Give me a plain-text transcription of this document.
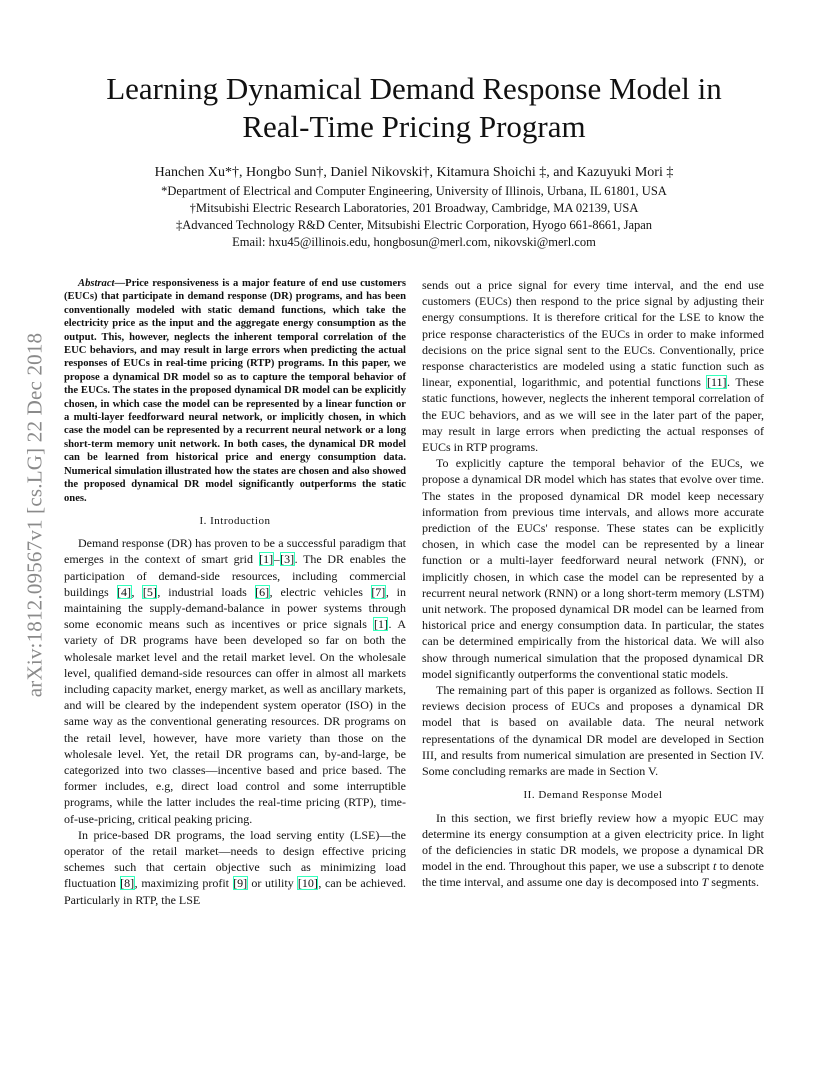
arXiv:1812.09567v1 [cs.LG] 22 Dec 2018
Learning Dynamical Demand Response Model in
Real-Time Pricing Program
Hanchen Xu*†, Hongbo Sun†, Daniel Nikovski†, Kitamura Shoichi ‡, and Kazuyuki Mori ‡
*Department of Electrical and Computer Engineering, University of Illinois, Urbana, IL 61801, USA
†Mitsubishi Electric Research Laboratories, 201 Broadway, Cambridge, MA 02139, USA
‡Advanced Technology R&D Center, Mitsubishi Electric Corporation, Hyogo 661-8661, Japan
Email: hxu45@illinois.edu, hongbosun@merl.com, nikovski@merl.com

Abstract—Price responsiveness is a major feature of end use customers (EUCs) that participate in demand response (DR) programs, and has been conventionally modeled with static demand functions, which take the electricity price as the input and the aggregate energy consumption as the output. This, however, neglects the inherent temporal correlation of the EUC behaviors, and may result in large errors when predicting the actual responses of EUCs in real-time pricing (RTP) programs. In this paper, we propose a dynamical DR model so as to capture the temporal behavior of the EUCs. The states in the proposed dynamical DR model can be explicitly chosen, in which case the model can be represented by a linear function or a multi-layer feedforward neural network, or implicitly chosen, in which case the model can be represented by a recurrent neural network or a long short-term memory unit network. In both cases, the dynamical DR model can be learned from historical price and energy consumption data. Numerical simulation illustrated how the states are chosen and also showed the proposed dynamical DR model significantly outperforms the static ones.

I. Introduction

Demand response (DR) has proven to be a successful paradigm that emerges in the context of smart grid [1]–[3]. The DR enables the participation of demand-side resources, including commercial buildings [4], [5], industrial loads [6], electric vehicles [7], in maintaining the supply-demand-balance in power systems through some economic means such as incentives or price signals [1]. A variety of DR programs have been developed so far on both the wholesale market level and the retail market level. On the wholesale level, qualified demand-side resources can offer in almost all markets including capacity market, energy market, as well as ancillary markets, and will be cleared by the independent system operator (ISO) in the same way as the conventional generating resources. DR programs on the retail level, however, have more variety than those on the wholesale level. Yet, the retail DR programs can, by-and-large, be categorized into two classes—incentive based and price based. The former includes, e.g, direct load control and some interruptible programs, while the latter includes the real-time pricing (RTP), time-of-use-pricing, critical peaking pricing.

In price-based DR programs, the load serving entity (LSE)—the operator of the retail market—needs to design effective pricing schemes such that certain objective such as minimizing load fluctuation [8], maximizing profit [9] or utility [10], can be achieved. Particularly in RTP, the LSE

sends out a price signal for every time interval, and the end use customers (EUCs) then respond to the price signal by adjusting their energy consumptions. It is therefore critical for the LSE to know the price response characteristics of the EUCs in order to make informed decisions on the price signal sent to the EUCs. Conventionally, price response characteristics are modeled using a static function such as linear, exponential, logarithmic, and potential functions [11]. These static functions, however, neglects the inherent temporal correlation of the EUC behaviors, and as we will see in the later part of the paper, may result in large errors when predicting the actual responses of EUCs in RTP programs.

To explicitly capture the temporal behavior of the EUCs, we propose a dynamical DR model which has states that evolve over time. The states in the proposed dynamical DR model keep necessary information from previous time intervals, and allows more accurate prediction of the EUCs' response. These states can be explicitly chosen, in which case the model can be represented by a linear function or a multi-layer feedforward neural network (FNN), or implicitly chosen, in which case the model can be represented by a recurrent neural network (RNN) or a long short-term memory (LSTM) unit network. The proposed dynamical DR model can be learned from historical price and energy consumption data. In particular, the states can be determined empirically from the historical data. We will also show through numerical simulation that the proposed dynamical DR model significantly outperforms the conventional static models.

The remaining part of this paper is organized as follows. Section II reviews decision process of EUCs and proposes a dynamical DR model that is based on available data. The neural network representations of the dynamical DR model are developed in Section III, and results from numerical simulation are presented in Section IV. Some concluding remarks are made in Section V.

II. Demand Response Model

In this section, we first briefly review how a myopic EUC may determine its energy consumption at a given electricity price. In light of the deficiencies in static DR models, we propose a dynamical DR model in the end. Throughout this paper, we use a subscript t to denote the time interval, and assume one day is decomposed into T segments.
